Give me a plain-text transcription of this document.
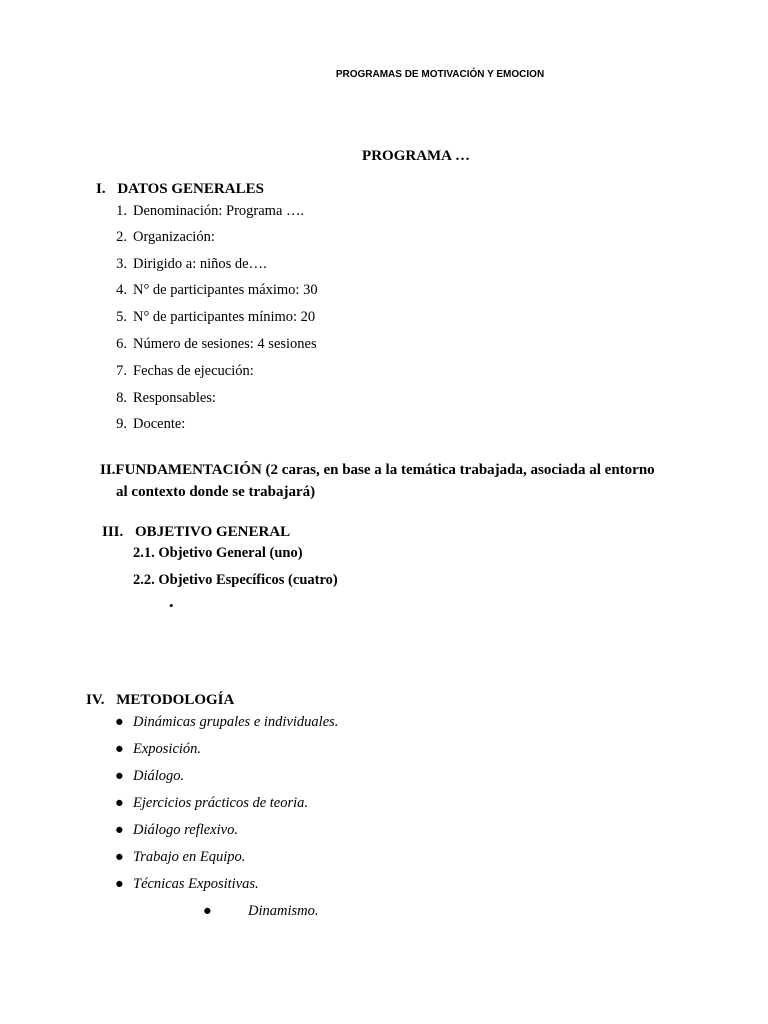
PROGRAMAS DE MOTIVACIÓN Y EMOCION
PROGRAMA …
I. DATOS GENERALES
1. Denominación: Programa ….
2. Organización:
3. Dirigido a: niños de….
4. N° de participantes máximo: 30
5. N° de participantes mínimo: 20
6. Número de sesiones: 4 sesiones
7. Fechas de ejecución:
8. Responsables:
9. Docente:
II.FUNDAMENTACIÓN (2 caras, en base a la temática trabajada, asociada al entorno
al contexto donde se trabajará)
III. OBJETIVO GENERAL
2.1. Objetivo General (uno)
2.2. Objetivo Específicos (cuatro)
•
IV. METODOLOGÍA
● Dinámicas grupales e individuales.
● Exposición.
● Diálogo.
● Ejercicios prácticos de teoria.
● Diálogo reflexivo.
● Trabajo en Equipo.
● Técnicas Expositivas.
● Dinamismo.
